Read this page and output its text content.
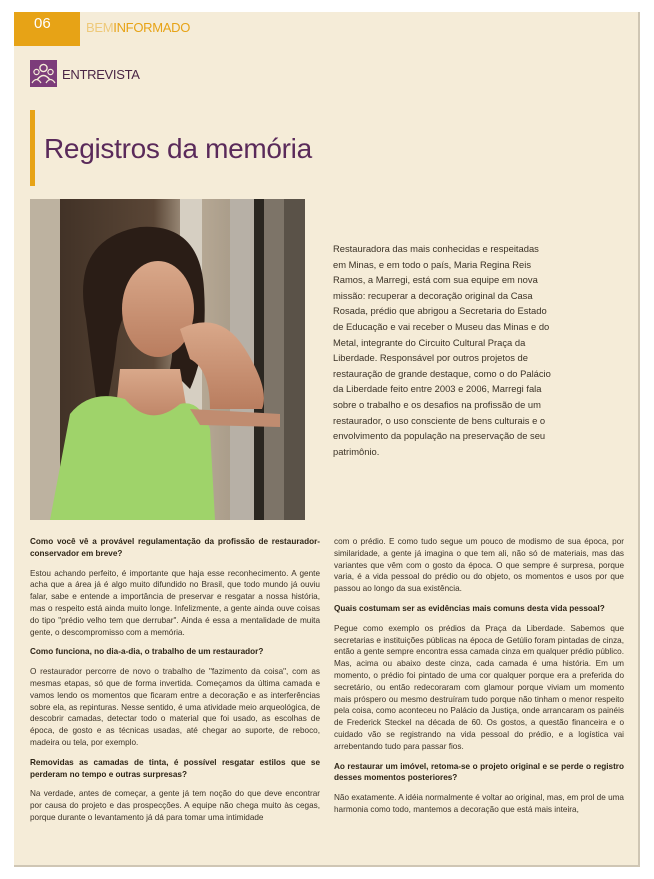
06	BEMINFORMADO
ENTREVISTA
Registros da memória
Restauradora das mais conhecidas e respeitadas em Minas, e em todo o país, Maria Regina Reis Ramos, a Marregi, está com sua equipe em nova missão: recuperar a decoração original da Casa Rosada, prédio que abrigou a Secretaria do Estado de Educação e vai receber o Museu das Minas e do Metal, integrante do Circuito Cultural Praça da Liberdade. Responsável por outros projetos de restauração de grande destaque, como o do Palácio da Liberdade feito entre 2003 e 2006, Marregi fala sobre o trabalho e os desafios na profissão de um restaurador, o uso consciente de bens culturais e o envolvimento da população na preservação de seu patrimônio.

Como você vê a provável regulamentação da profissão de restaurador-conservador em breve?

Estou achando perfeito, é importante que haja esse reconhecimento. A gente acha que a área já é algo muito difundido no Brasil, que todo mundo já ouviu falar, sabe e entende a importância de preservar e resgatar a nossa história, mas o respeito está ainda muito longe. Infelizmente, a gente ainda ouve coisas do tipo "prédio velho tem que derrubar". Ainda é essa a mentalidade de muita gente, o descompromisso com a memória.

Como funciona, no dia-a-dia, o trabalho de um restaurador?

O restaurador percorre de novo o trabalho de "fazimento da coisa", com as mesmas etapas, só que de forma invertida. Começamos da última camada e vamos lendo os momentos que ficaram entre a decoração e as interferências sobre ela, as repinturas. Nesse sentido, é uma atividade meio arqueológica, de descobrir camadas, detectar todo o material que foi usado, as escolhas de época, de gosto e as técnicas usadas, até chegar ao suporte, de reboco, madeira ou tela, por exemplo.

Removidas as camadas de tinta, é possível resgatar estilos que se perderam no tempo e outras surpresas?

Na verdade, antes de começar, a gente já tem noção do que deve encontrar por causa do projeto e das prospecções. A equipe não chega muito às cegas, porque durante o levantamento já dá para tomar uma intimidade

com o prédio. E como tudo segue um pouco de modismo de sua época, por similaridade, a gente já imagina o que tem ali, não só de materiais, mas das variantes que vêm com o gosto da época. O que sempre é surpresa, porque varia, é a vida pessoal do prédio ou do objeto, os momentos e usos por que passou ao longo da sua existência.

Quais costumam ser as evidências mais comuns desta vida pessoal?

Pegue como exemplo os prédios da Praça da Liberdade. Sabemos que secretarias e instituições públicas na época de Getúlio foram pintadas de cinza, então a gente sempre encontra essa camada cinza em qualquer prédio público. Mas, acima ou abaixo deste cinza, cada camada é uma história. Em um momento, o prédio foi pintado de uma cor qualquer porque era a preferida do secretário, ou então redecoraram com glamour porque viviam um momento mais próspero ou mesmo destruíram tudo porque não tinham o menor respeito pela coisa, como aconteceu no Palácio da Justiça, onde arrancaram os painéis de Frederick Steckel na década de 60. Os gostos, a questão financeira e o cuidado vão se registrando na vida pessoal do prédio, e a logística vai arrebentando tudo para passar fios.

Ao restaurar um imóvel, retoma-se o projeto original e se perde o registro desses momentos posteriores?

Não exatamente. A idéia normalmente é voltar ao original, mas, em prol de uma harmonia como todo, mantemos a decoração que está mais inteira,
